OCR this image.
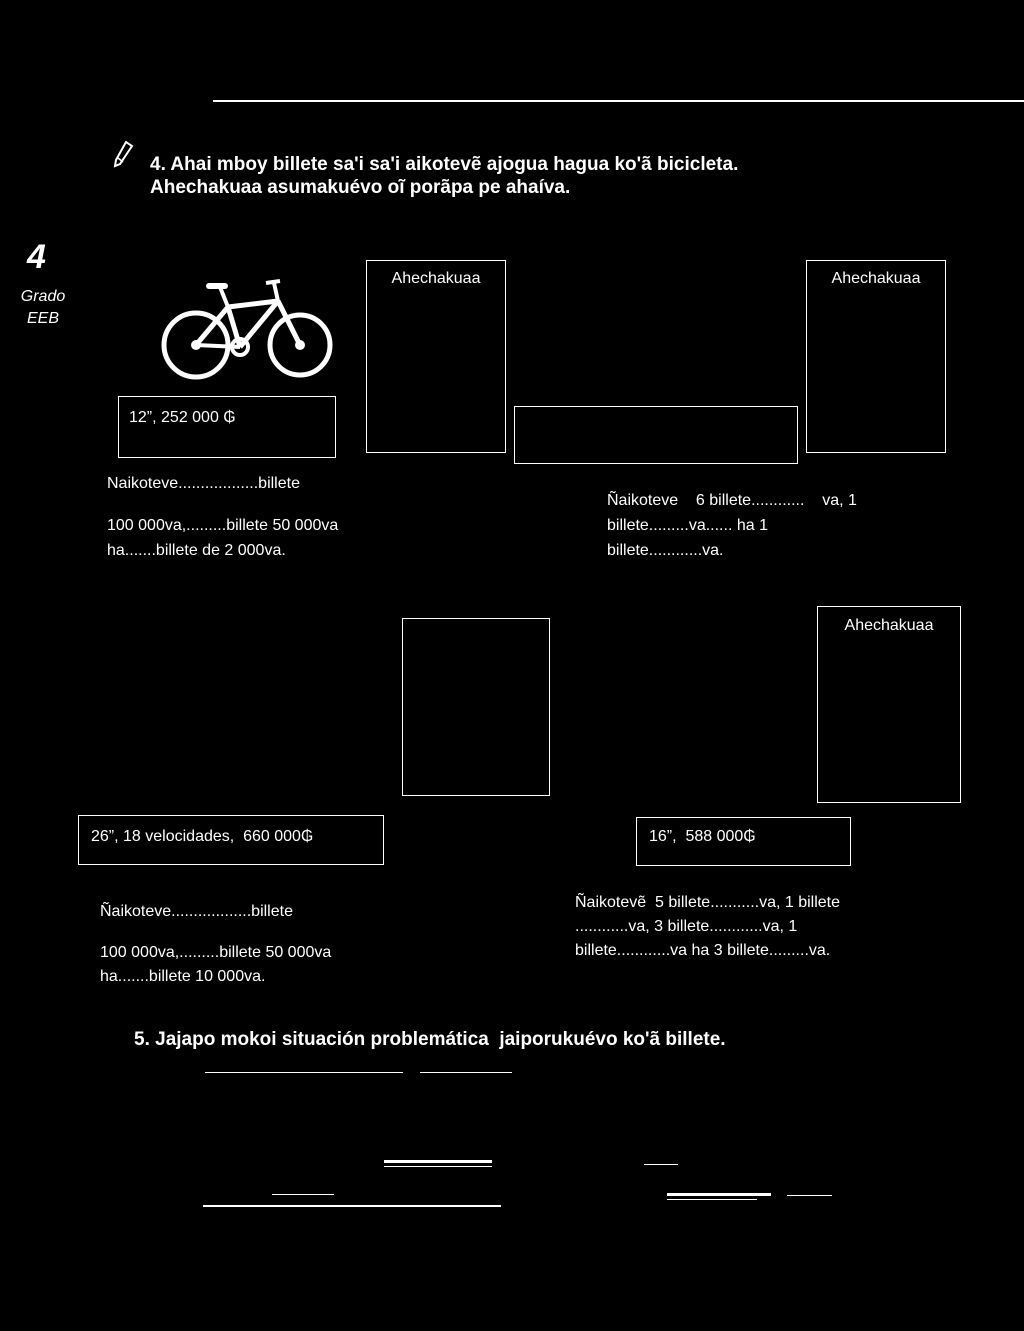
4. Ahai mboy billete sa'i sa'i aikotevẽ ajogua hagua ko'ã bicicleta.
Ahechakuaa asumakuévo oĩ porãpa pe ahaíva.
4
Grado
EEB
12”, 252 000 ₲
Ahechakuaa	Ahechakuaa
Naikoteve..................billete
100 000va,.........billete 50 000va
ha.......billete de 2 000va.
Ñaikoteve    6 billete............    va, 1
billete.........va...... ha 1
billete............va.
Ahechakuaa
26”, 18 velocidades,  660 000₲	16”,  588 000₲
Ñaikoteve..................billete
100 000va,.........billete 50 000va
ha.......billete 10 000va.
Ñaikotevẽ  5 billete...........va, 1 billete
............va, 3 billete............va, 1
billete............va ha 3 billete.........va.
5. Jajapo mokoi situación problemática  jaiporukuévo ko'ã billete.
